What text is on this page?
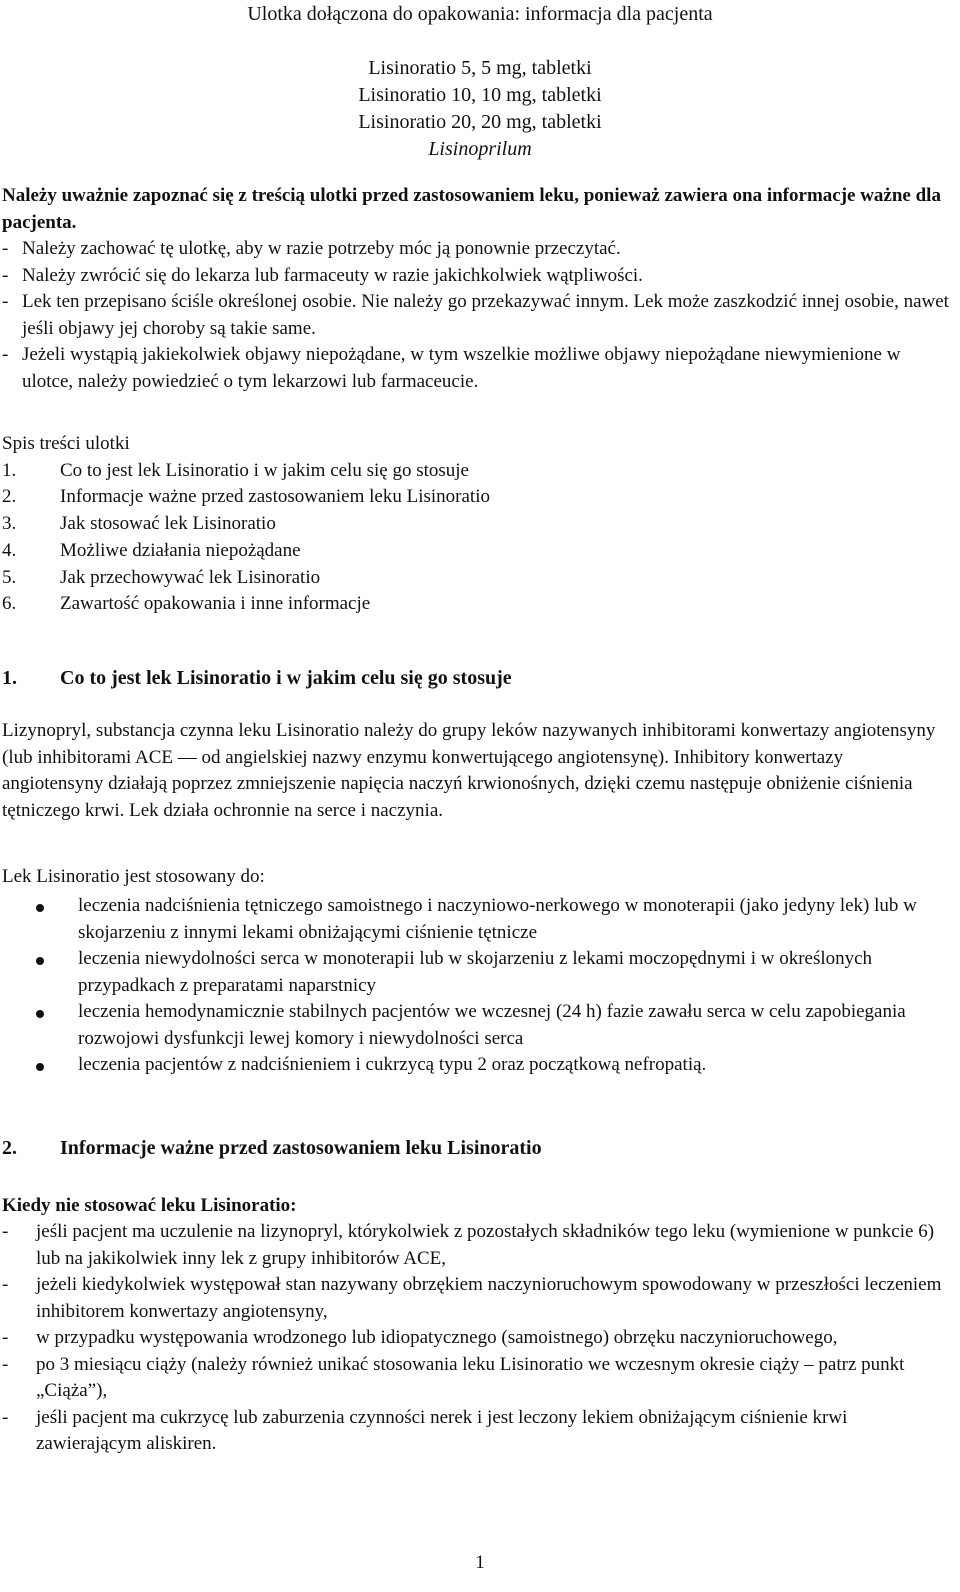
Ulotka dołączona do opakowania: informacja dla pacjenta
Lisinoratio 5, 5 mg, tabletki
Lisinoratio 10, 10 mg, tabletki
Lisinoratio 20, 20 mg, tabletki
Lisinoprilum
Należy uważnie zapoznać się z treścią ulotki przed zastosowaniem leku, ponieważ zawiera ona informacje ważne dla pacjenta.
- Należy zachować tę ulotkę, aby w razie potrzeby móc ją ponownie przeczytać.
- Należy zwrócić się do lekarza lub farmaceuty w razie jakichkolwiek wątpliwości.
- Lek ten przepisano ściśle określonej osobie. Nie należy go przekazywać innym. Lek może zaszkodzić innej osobie, nawet jeśli objawy jej choroby są takie same.
- Jeżeli wystąpią jakiekolwiek objawy niepożądane, w tym wszelkie możliwe objawy niepożądane niewymienione w ulotce, należy powiedzieć o tym lekarzowi lub farmaceucie.
Spis treści ulotki
1. Co to jest lek Lisinoratio i w jakim celu się go stosuje
2. Informacje ważne przed zastosowaniem leku Lisinoratio
3. Jak stosować lek Lisinoratio
4. Możliwe działania niepożądane
5. Jak przechowywać lek Lisinoratio
6. Zawartość opakowania i inne informacje
1. Co to jest lek Lisinoratio i w jakim celu się go stosuje
Lizynopryl, substancja czynna leku Lisinoratio należy do grupy leków nazywanych inhibitorami konwertazy angiotensyny (lub inhibitorami ACE — od angielskiej nazwy enzymu konwertującego angiotensynę). Inhibitory konwertazy angiotensyny działają poprzez zmniejszenie napięcia naczyń krwionośnych, dzięki czemu następuje obniżenie ciśnienia tętniczego krwi. Lek działa ochronnie na serce i naczynia.
Lek Lisinoratio jest stosowany do:
leczenia nadciśnienia tętniczego samoistnego i naczyniowo-nerkowego w monoterapii (jako jedyny lek) lub w skojarzeniu z innymi lekami obniżającymi ciśnienie tętnicze
leczenia niewydolności serca w monoterapii lub w skojarzeniu z lekami moczopędnymi i w określonych przypadkach z preparatami naparstnicy
leczenia hemodynamicznie stabilnych pacjentów we wczesnej (24 h) fazie zawału serca w celu zapobiegania rozwojowi dysfunkcji lewej komory i niewydolności serca
leczenia pacjentów z nadciśnieniem i cukrzycą typu 2 oraz początkową nefropatią.
2. Informacje ważne przed zastosowaniem leku Lisinoratio
Kiedy nie stosować leku Lisinoratio:
- jeśli pacjent ma uczulenie na lizynopryl, którykolwiek z pozostałych składników tego leku (wymienione w punkcie 6) lub na jakikolwiek inny lek z grupy inhibitorów ACE,
- jeżeli kiedykolwiek występował stan nazywany obrzękiem naczynioruchowym spowodowany w przeszłości leczeniem inhibitorem konwertazy angiotensyny,
- w przypadku występowania wrodzonego lub idiopatycznego (samoistnego) obrzęku naczynioruchowego,
- po 3 miesiącu ciąży (należy również unikać stosowania leku Lisinoratio we wczesnym okresie ciąży – patrz punkt „Ciąża”),
- jeśli pacjent ma cukrzycę lub zaburzenia czynności nerek i jest leczony lekiem obniżającym ciśnienie krwi zawierającym aliskiren.
1
